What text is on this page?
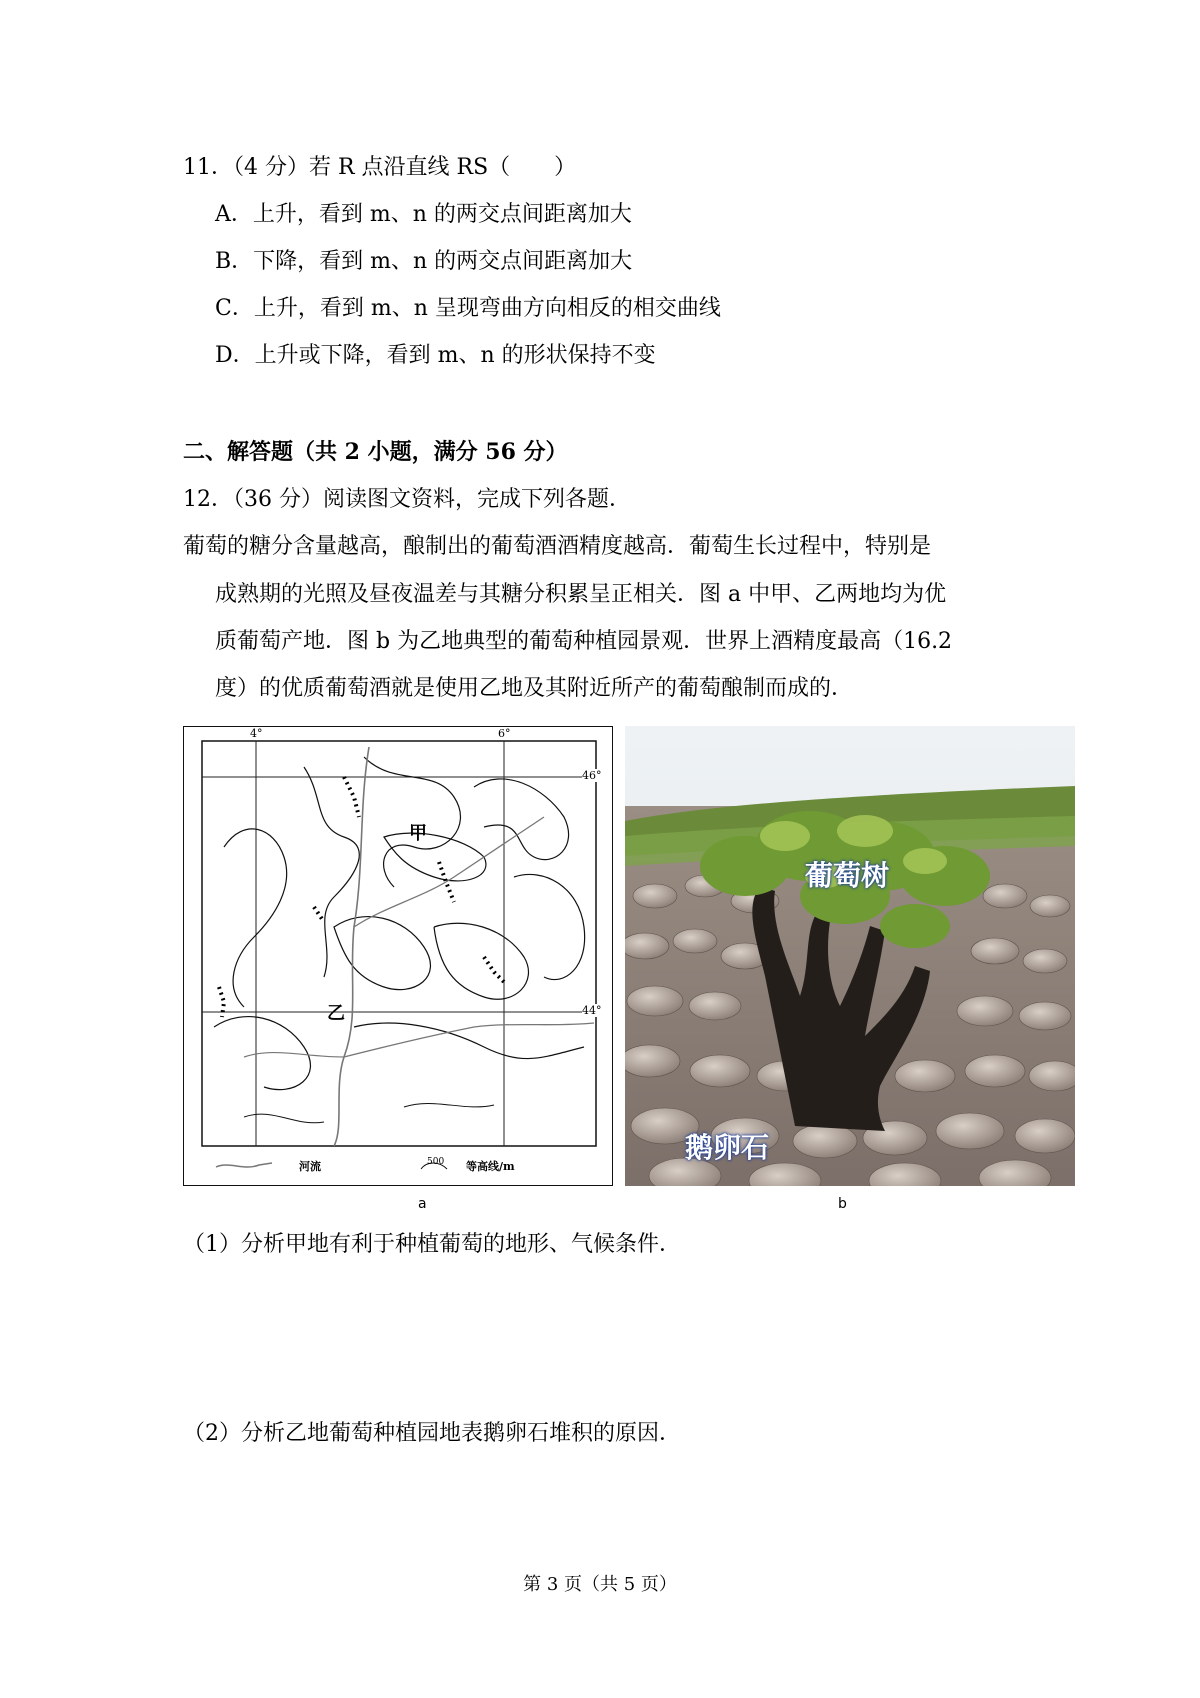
11．（4 分）若 R 点沿直线 RS（　　）
A．上升，看到 m、n 的两交点间距离加大
B．下降，看到 m、n 的两交点间距离加大
C．上升，看到 m、n 呈现弯曲方向相反的相交曲线
D．上升或下降，看到 m、n 的形状保持不变
二、解答题（共 2 小题，满分 56 分）
12．（36 分）阅读图文资料，完成下列各题．
葡萄的糖分含量越高，酿制出的葡萄酒酒精度越高．葡萄生长过程中，特别是
成熟期的光照及昼夜温差与其糖分积累呈正相关．图 a 中甲、乙两地均为优
质葡萄产地．图 b 为乙地典型的葡萄种植园景观．世界上酒精度最高（16.2
度）的优质葡萄酒就是使用乙地及其附近所产的葡萄酿制而成的．
4°	6°
46°
44°
甲
乙
河流	500 等高线/m
葡萄树
鹅卵石
a	b
（1）分析甲地有利于种植葡萄的地形、气候条件．
（2）分析乙地葡萄种植园地表鹅卵石堆积的原因．
第 3 页（共 5 页）
